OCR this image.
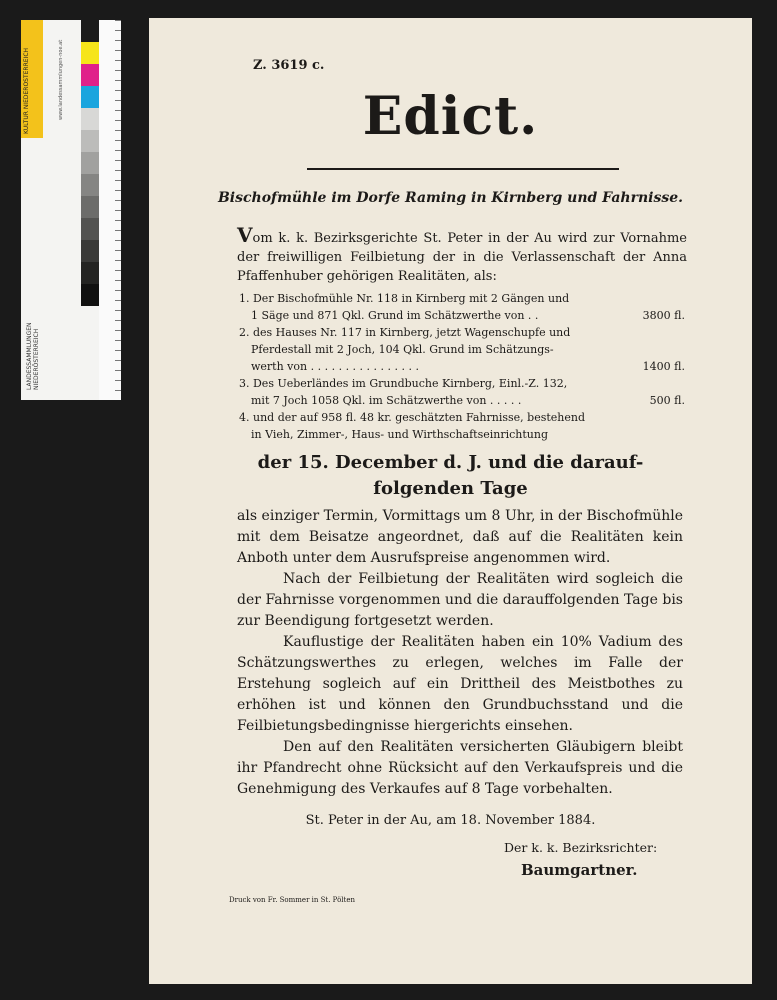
KULTUR NIEDERÖSTERREICH	www.landessammlungen-noe.at
LANDESSAMMLUNGEN NIEDERÖSTERREICH
Z. 3619 c.
Edict.
Bischofmühle im Dorfe Raming in Kirnberg und Fahrnisse.
Vom k. k. Bezirksgerichte St. Peter in der Au wird zur Vornahme der freiwilligen Feilbietung der in die Verlassenschaft der Anna Pfaffenhuber gehörigen Realitäten, als:
1. Der Bischofmühle Nr. 118 in Kirnberg mit 2 Gängen und
1 Säge und 871 Qkl. Grund im Schätzwerthe von . .	3800 fl.
2. des Hauses Nr. 117 in Kirnberg, jetzt Wagenschupfe und
Pferdestall mit 2 Joch, 104 Qkl. Grund im Schätzungs-
werth von . . . . . . . . . . . . . . . .	1400 fl.
3. Des Ueberländes im Grundbuche Kirnberg, Einl.-Z. 132,
mit 7 Joch 1058 Qkl. im Schätzwerthe von . . . . .	500 fl.
4. und der auf 958 fl. 48 kr. geschätzten Fahrnisse, bestehend
in Vieh, Zimmer-, Haus- und Wirthschaftseinrichtung
der 15. December d. J. und die darauf-
folgenden Tage
als einziger Termin, Vormittags um 8 Uhr, in der Bischofmühle mit dem Beisatze angeordnet, daß auf die Realitäten kein Anboth unter dem Ausrufspreise angenommen wird.
Nach der Feilbietung der Realitäten wird sogleich die der Fahrnisse vorgenommen und die darauffolgenden Tage bis zur Beendigung fortgesetzt werden.
Kauflustige der Realitäten haben ein 10% Vadium des Schätzungswerthes zu erlegen, welches im Falle der Erstehung sogleich auf ein Drittheil des Meistbothes zu erhöhen ist und können den Grundbuchsstand und die Feilbietungsbedingnisse hiergerichts einsehen.
Den auf den Realitäten versicherten Gläubigern bleibt ihr Pfandrecht ohne Rücksicht auf den Verkaufspreis und die Genehmigung des Verkaufes auf 8 Tage vorbehalten.
St. Peter in der Au, am 18. November 1884.
Der k. k. Bezirksrichter:
Baumgartner.
Druck von Fr. Sommer in St. Pölten
